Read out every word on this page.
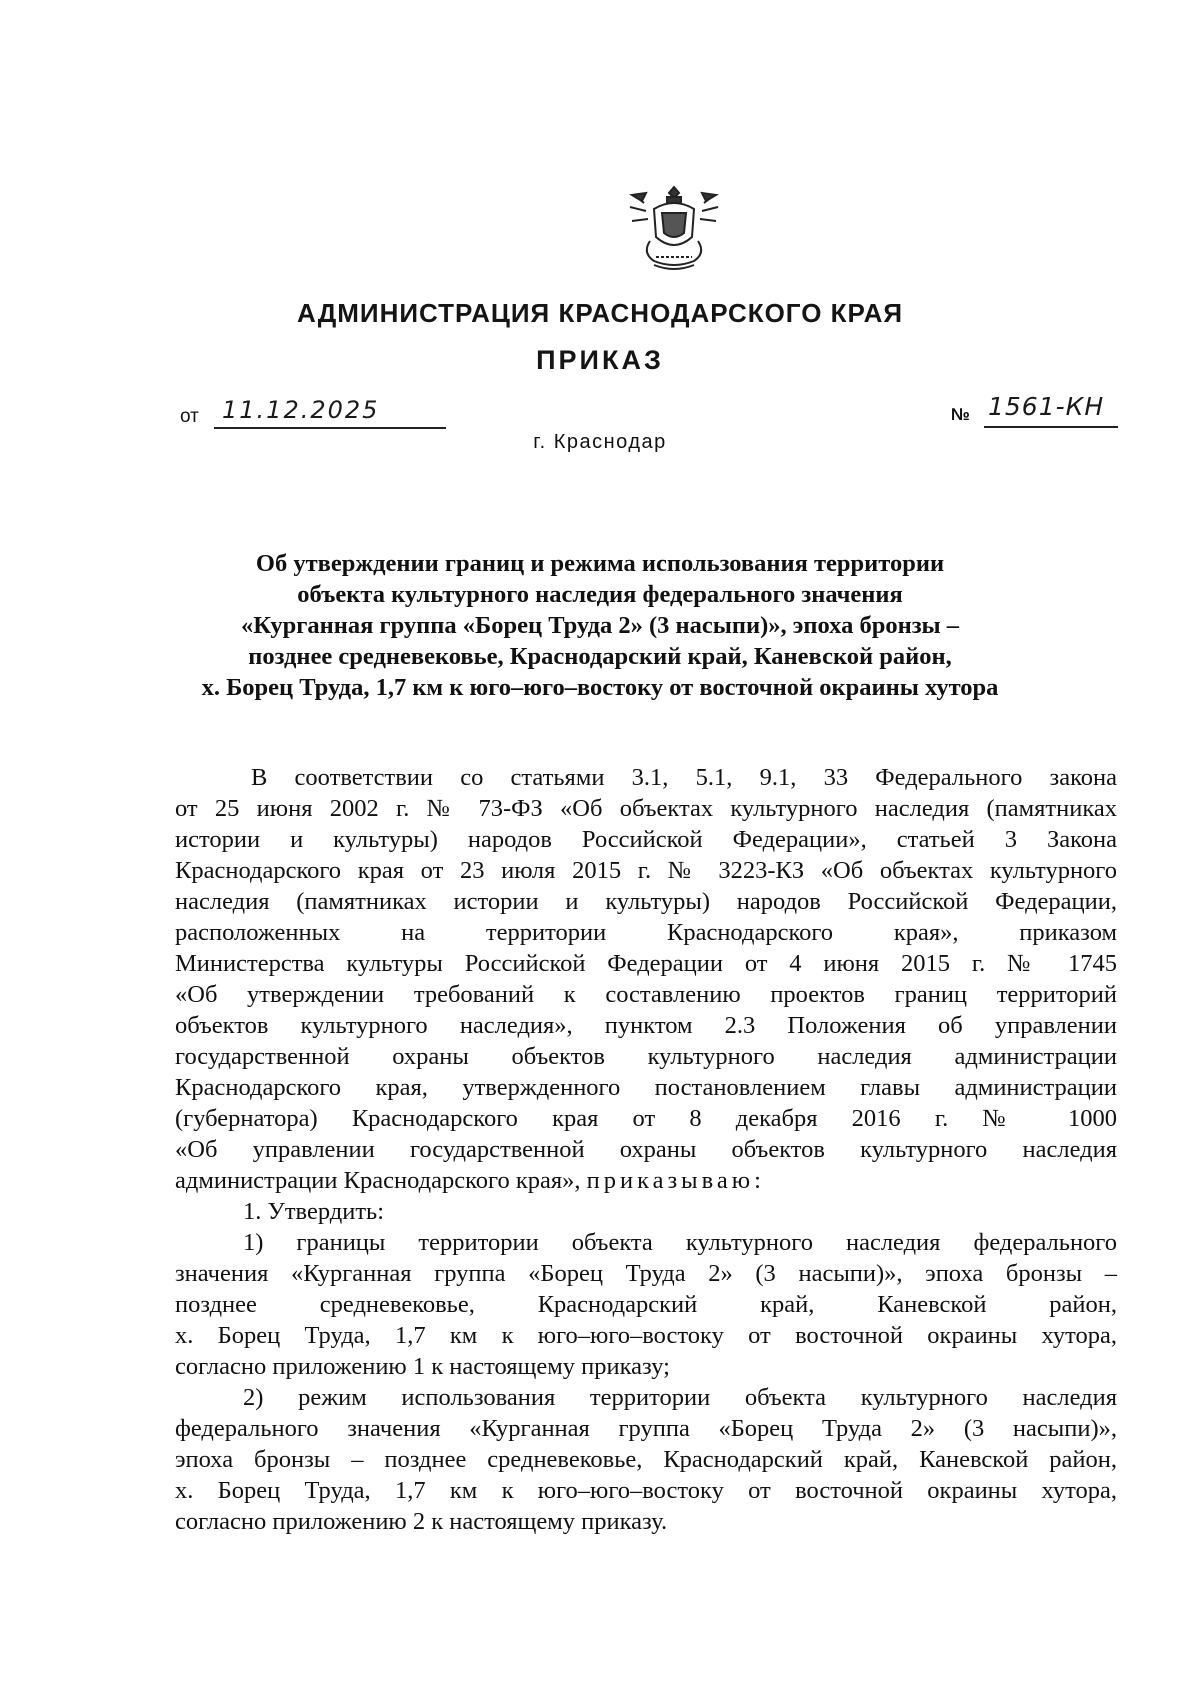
АДМИНИСТРАЦИЯ КРАСНОДАРСКОГО КРАЯ
ПРИКАЗ
от 11.12.2025
г. Краснодар
№ 1561-КН
Об утверждении границ и режима использования территории
объекта культурного наследия федерального значения
«Курганная группа «Борец Труда 2» (3 насыпи)», эпоха бронзы –
позднее средневековье, Краснодарский край, Каневской район,
х. Борец Труда, 1,7 км к юго–юго–востоку от восточной окраины хутора
В соответствии со статьями 3.1, 5.1, 9.1, 33 Федерального закона
от 25 июня 2002 г. № 73-ФЗ «Об объектах культурного наследия (памятниках
истории и культуры) народов Российской Федерации», статьей 3 Закона
Краснодарского края от 23 июля 2015 г. № 3223-КЗ «Об объектах культурного
наследия (памятниках истории и культуры) народов Российской Федерации,
расположенных на территории Краснодарского края», приказом
Министерства культуры Российской Федерации от 4 июня 2015 г. № 1745
«Об утверждении требований к составлению проектов границ территорий
объектов культурного наследия», пунктом 2.3 Положения об управлении
государственной охраны объектов культурного наследия администрации
Краснодарского края, утвержденного постановлением главы администрации
(губернатора) Краснодарского края от 8 декабря 2016 г. № 1000
«Об управлении государственной охраны объектов культурного наследия
администрации Краснодарского края», приказываю:
1. Утвердить:
1) границы территории объекта культурного наследия федерального
значения «Курганная группа «Борец Труда 2» (3 насыпи)», эпоха бронзы –
позднее средневековье, Краснодарский край, Каневской район,
х. Борец Труда, 1,7 км к юго–юго–востоку от восточной окраины хутора,
согласно приложению 1 к настоящему приказу;
2) режим использования территории объекта культурного наследия
федерального значения «Курганная группа «Борец Труда 2» (3 насыпи)»,
эпоха бронзы – позднее средневековье, Краснодарский край, Каневской район,
х. Борец Труда, 1,7 км к юго–юго–востоку от восточной окраины хутора,
согласно приложению 2 к настоящему приказу.
